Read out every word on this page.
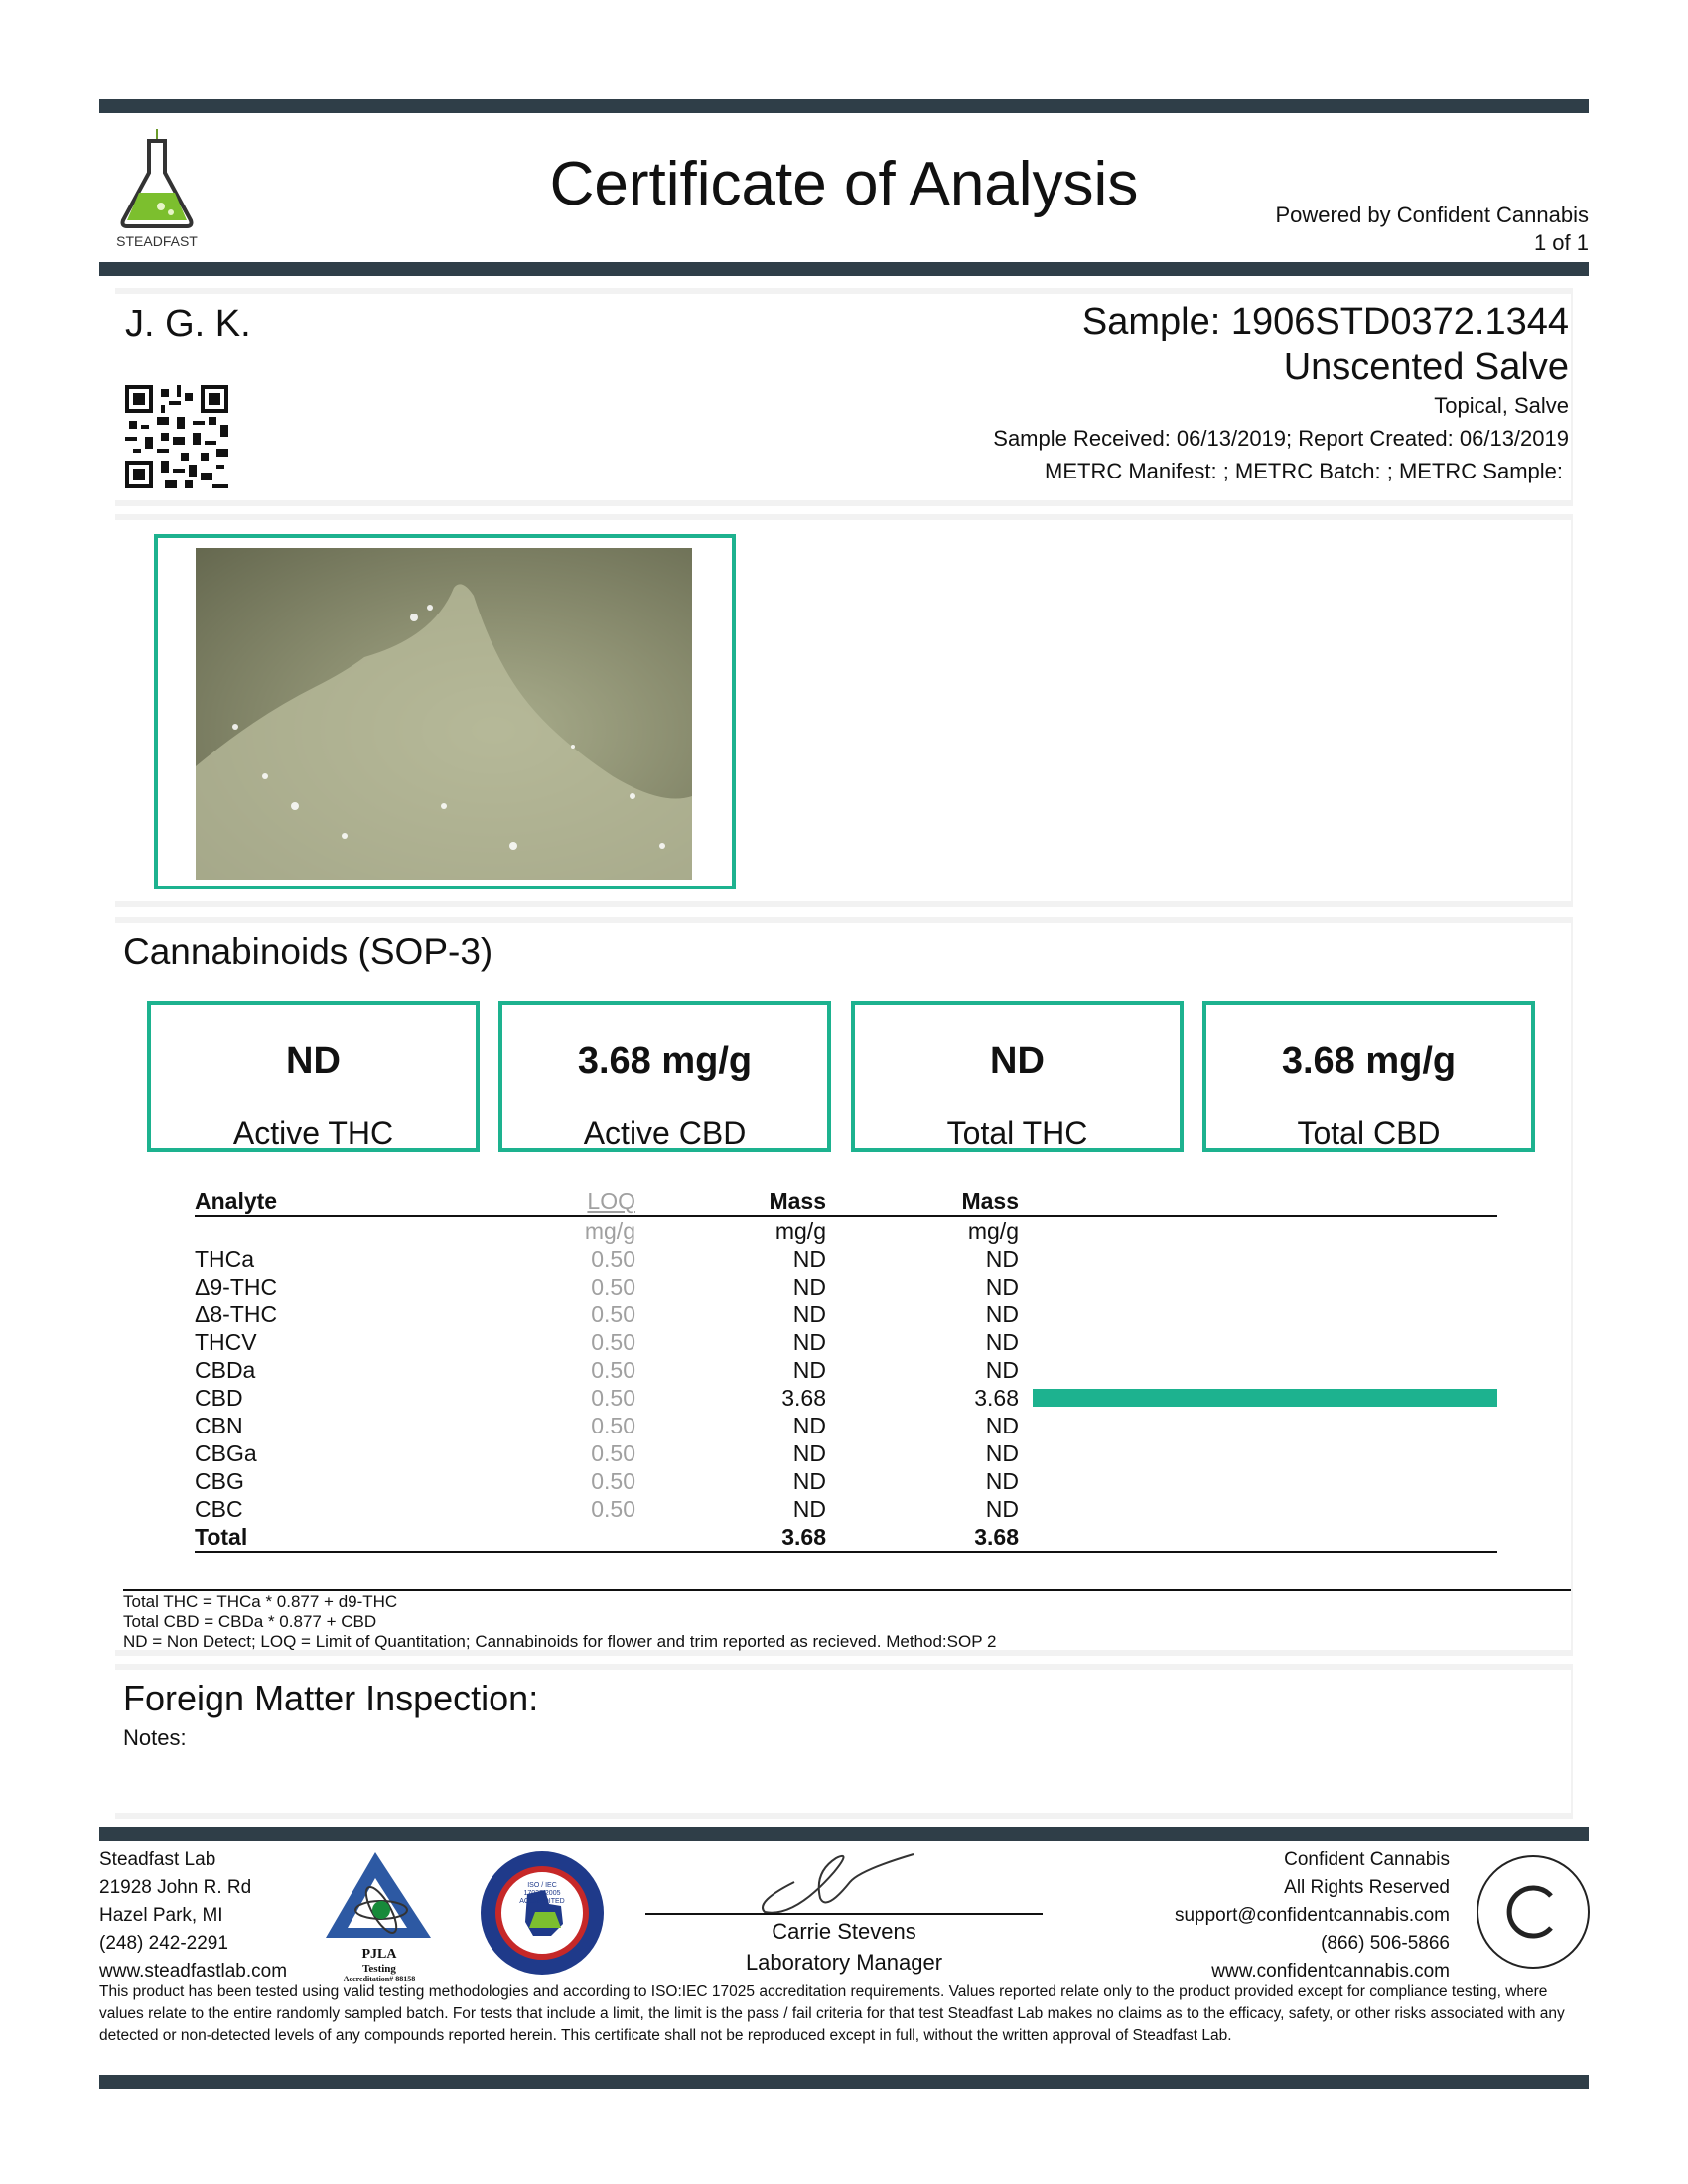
STEADFAST
Certificate of Analysis	Powered by Confident Cannabis
1 of 1
J. G. K.	Sample: 1906STD0372.1344
Unscented Salve
Topical, Salve
Sample Received: 06/13/2019; Report Created: 06/13/2019
METRC Manifest: ; METRC Batch: ; METRC Sample:
Cannabinoids (SOP-3)
ND
Active THC
3.68 mg/g
Active CBD
ND
Total THC
3.68 mg/g
Total CBD
Analyte	LOQ	Mass	Mass	
	mg/g	mg/g	mg/g	
THCa	0.50	ND	ND	
Δ9-THC	0.50	ND	ND	
Δ8-THC	0.50	ND	ND	
THCV	0.50	ND	ND	
CBDa	0.50	ND	ND	
CBD	0.50	3.68	3.68	

CBN	0.50	ND	ND	
CBGa	0.50	ND	ND	
CBG	0.50	ND	ND	
CBC	0.50	ND	ND	
Total		3.68	3.68	
Total THC = THCa * 0.877 + d9-THC
Total CBD = CBDa * 0.877 + CBD
ND = Non Detect; LOQ = Limit of Quantitation; Cannabinoids for flower and trim reported as recieved. Method:SOP 2
Foreign Matter Inspection:
Notes:
Steadfast Lab
21928 John R. Rd
Hazel Park, MI
(248) 242-2291
www.steadfastlab.com
PJLA
Testing
Accreditation# 88158
ISO / IEC 17025:2005 ACCREDITED
Carrie Stevens
Laboratory Manager
Confident Cannabis
All Rights Reserved
support@confidentcannabis.com
(866) 506-5866
www.confidentcannabis.com
This product has been tested using valid testing methodologies and according to ISO:IEC 17025 accreditation requirements. Values reported relate only to the product provided except for compliance testing, where values relate to the entire randomly sampled batch. For tests that include a limit, the limit is the pass / fail criteria for that test Steadfast Lab makes no claims as to the efficacy, safety, or other risks associated with any detected or non-detected levels of any compounds reported herein. This certificate shall not be reproduced except in full, without the written approval of Steadfast Lab.
